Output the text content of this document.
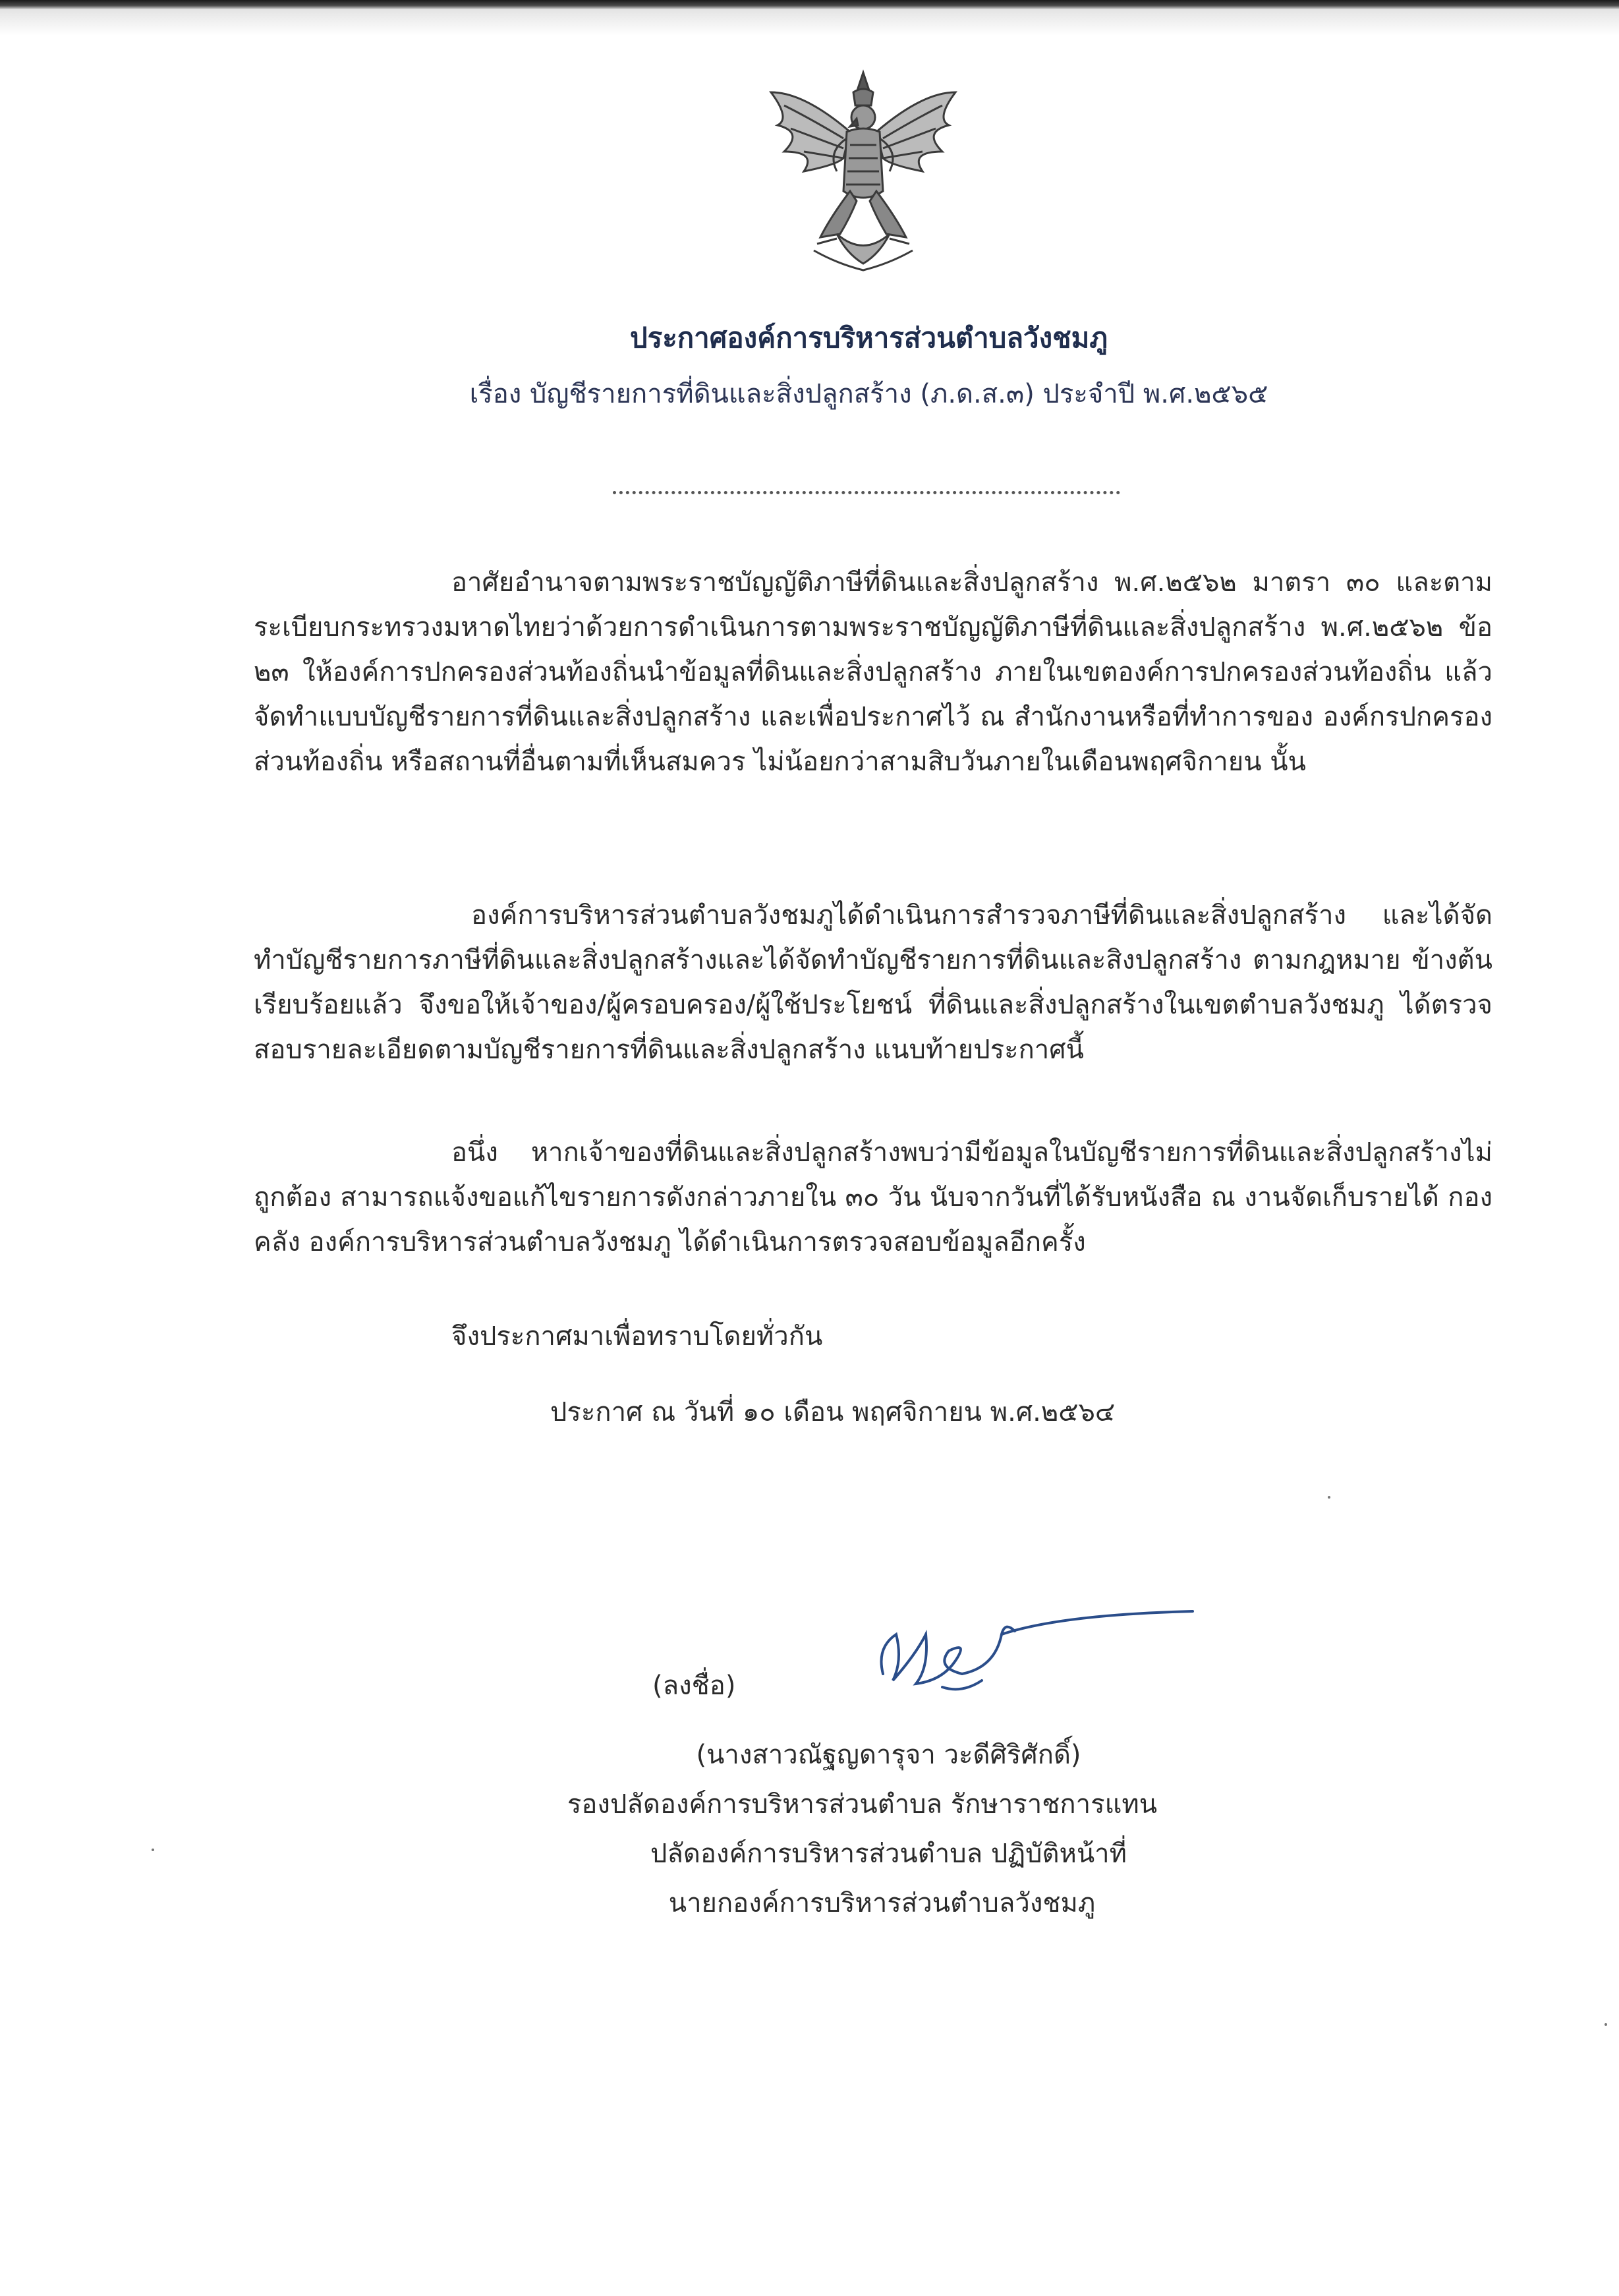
ประกาศองค์การบริหารส่วนตำบลวังชมภู
เรื่อง บัญชีรายการที่ดินและสิ่งปลูกสร้าง (ภ.ด.ส.๓) ประจำปี พ.ศ.๒๕๖๕
อาศัยอำนาจตามพระราชบัญญัติภาษีที่ดินและสิ่งปลูกสร้าง พ.ศ.๒๕๖๒ มาตรา ๓๐ และตามระเบียบกระทรวงมหาดไทยว่าด้วยการดำเนินการตามพระราชบัญญัติภาษีที่ดินและสิ่งปลูกสร้าง พ.ศ.๒๕๖๒ ข้อ ๒๓ ให้องค์การปกครองส่วนท้องถิ่นนำข้อมูลที่ดินและสิ่งปลูกสร้าง ภายในเขตองค์การปกครองส่วนท้องถิ่น แล้วจัดทำแบบบัญชีรายการที่ดินและสิ่งปลูกสร้าง และเพื่อประกาศไว้ ณ สำนักงานหรือที่ทำการของ องค์กรปกครองส่วนท้องถิ่น หรือสถานที่อื่นตามที่เห็นสมควร ไม่น้อยกว่าสามสิบวันภายในเดือนพฤศจิกายน นั้น
องค์การบริหารส่วนตำบลวังชมภูได้ดำเนินการสำรวจภาษีที่ดินและสิ่งปลูกสร้าง และได้จัดทำบัญชีรายการภาษีที่ดินและสิ่งปลูกสร้างและได้จัดทำบัญชีรายการที่ดินและสิงปลูกสร้าง ตามกฎหมาย ข้างต้นเรียบร้อยแล้ว จึงขอให้เจ้าของ/ผู้ครอบครอง/ผู้ใช้ประโยชน์ ที่ดินและสิ่งปลูกสร้างในเขตตำบลวังชมภู ได้ตรวจสอบรายละเอียดตามบัญชีรายการที่ดินและสิ่งปลูกสร้าง แนบท้ายประกาศนี้
อนึ่ง หากเจ้าของที่ดินและสิ่งปลูกสร้างพบว่ามีข้อมูลในบัญชีรายการที่ดินและสิ่งปลูกสร้างไม่ถูกต้อง สามารถแจ้งขอแก้ไขรายการดังกล่าวภายใน ๓๐ วัน นับจากวันที่ได้รับหนังสือ ณ งานจัดเก็บรายได้ กองคลัง องค์การบริหารส่วนตำบลวังชมภู ได้ดำเนินการตรวจสอบข้อมูลอีกครั้ง
จึงประกาศมาเพื่อทราบโดยทั่วกัน
ประกาศ ณ วันที่ ๑๐ เดือน พฤศจิกายน พ.ศ.๒๕๖๔
(ลงชื่อ)
(นางสาวณัฐญดารุจา วะดีศิริศักดิ์)
รองปลัดองค์การบริหารส่วนตำบล รักษาราชการแทน
ปลัดองค์การบริหารส่วนตำบล ปฏิบัติหน้าที่
นายกองค์การบริหารส่วนตำบลวังชมภู
